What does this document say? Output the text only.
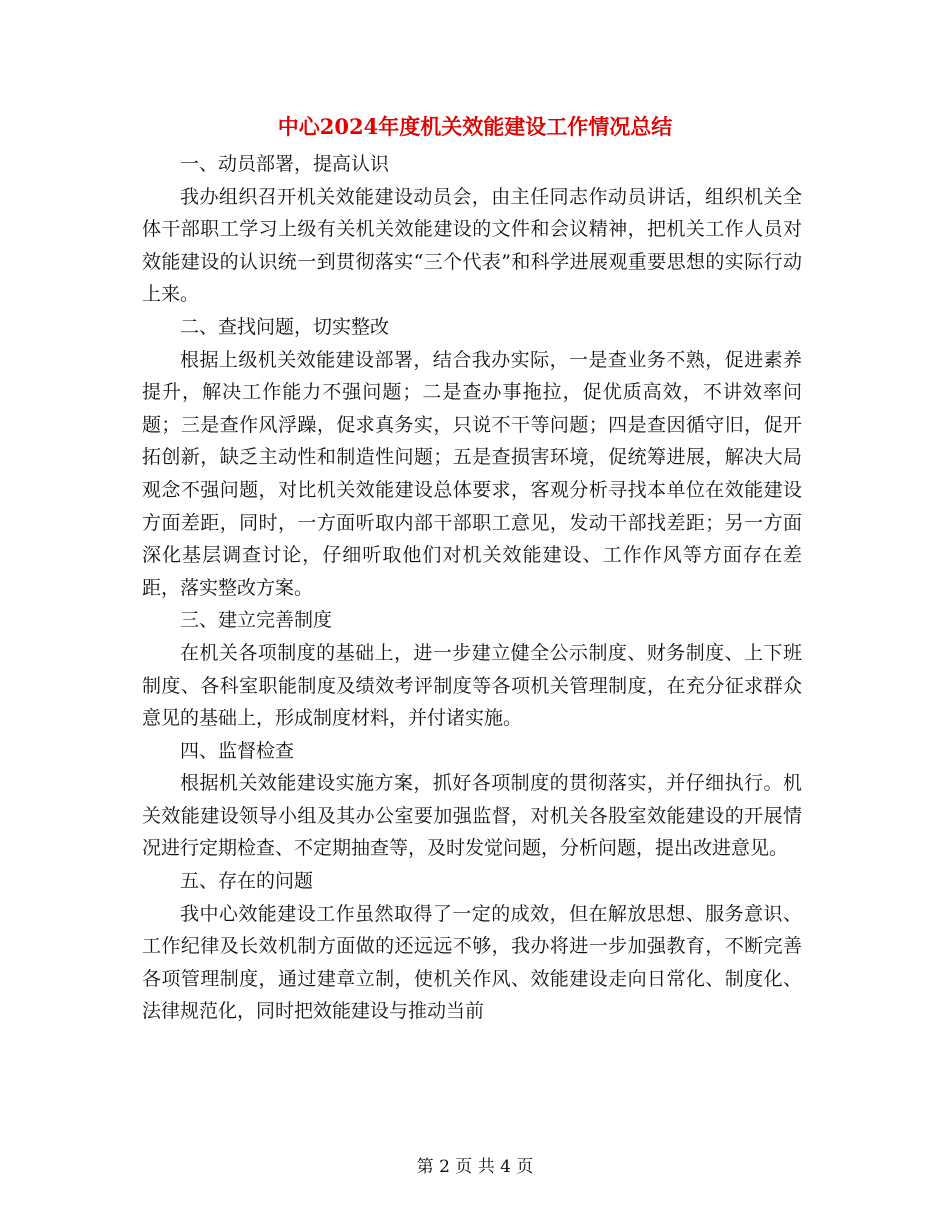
中心2024年度机关效能建设工作情况总结

一、动员部署，提高认识

我办组织召开机关效能建设动员会，由主任同志作动员讲话，组织机关全体干部职工学习上级有关机关效能建设的文件和会议精神，把机关工作人员对效能建设的认识统一到贯彻落实“三个代表”和科学进展观重要思想的实际行动上来。

二、查找问题，切实整改

根据上级机关效能建设部署，结合我办实际，一是查业务不熟，促进素养提升，解决工作能力不强问题；二是查办事拖拉，促优质高效，不讲效率问题；三是查作风浮躁，促求真务实，只说不干等问题；四是查因循守旧，促开拓创新，缺乏主动性和制造性问题；五是查损害环境，促统筹进展，解决大局观念不强问题，对比机关效能建设总体要求，客观分析寻找本单位在效能建设方面差距，同时，一方面听取内部干部职工意见，发动干部找差距；另一方面深化基层调查讨论，仔细听取他们对机关效能建设、工作作风等方面存在差距，落实整改方案。

三、建立完善制度

在机关各项制度的基础上，进一步建立健全公示制度、财务制度、上下班制度、各科室职能制度及绩效考评制度等各项机关管理制度，在充分征求群众意见的基础上，形成制度材料，并付诸实施。

四、监督检查

根据机关效能建设实施方案，抓好各项制度的贯彻落实，并仔细执行。机关效能建设领导小组及其办公室要加强监督，对机关各股室效能建设的开展情况进行定期检查、不定期抽查等，及时发觉问题，分析问题，提出改进意见。

五、存在的问题

我中心效能建设工作虽然取得了一定的成效，但在解放思想、服务意识、工作纪律及长效机制方面做的还远远不够，我办将进一步加强教育，不断完善各项管理制度，通过建章立制，使机关作风、效能建设走向日常化、制度化、法律规范化，同时把效能建设与推动当前

第 2 页 共 4 页
